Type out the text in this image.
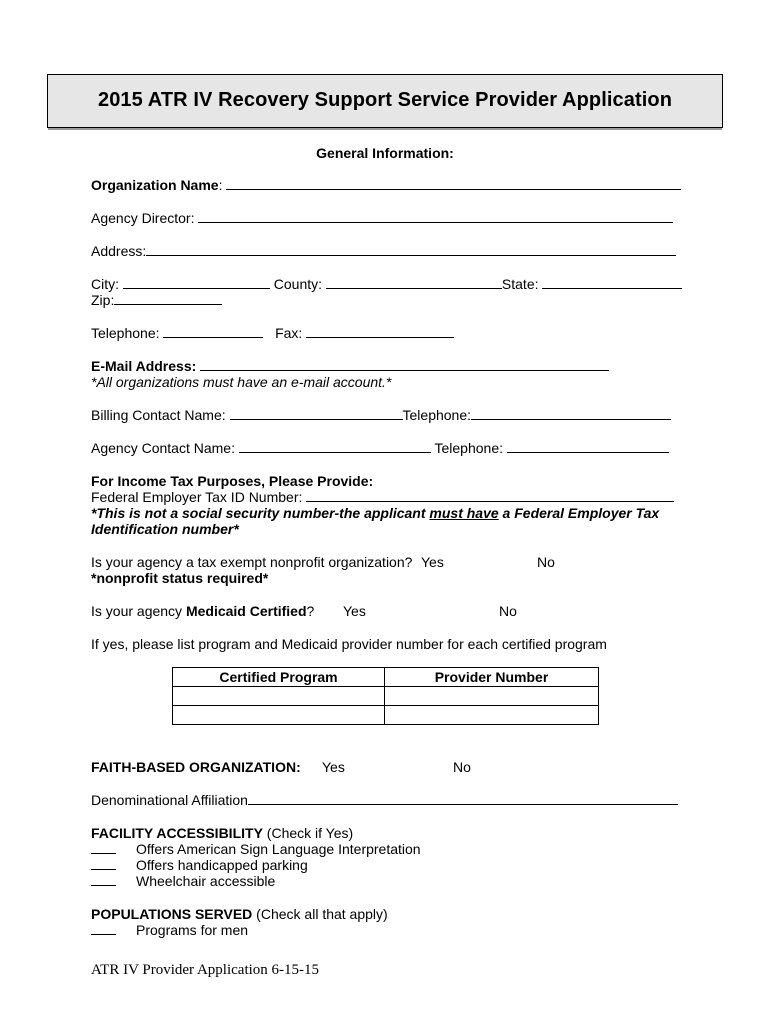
2015 ATR IV Recovery Support Service Provider Application
General Information:
Organization Name:
Agency Director:
Address:
City:	County:	State:
Zip:
Telephone:	Fax:
E-Mail Address:
*All organizations must have an e-mail account.*
Billing Contact Name:	Telephone:
Agency Contact Name:	Telephone:
For Income Tax Purposes, Please Provide:
Federal Employer Tax ID Number:
*This is not a social security number-the applicant must have a Federal Employer Tax
Identification number*
Is your agency a tax exempt nonprofit organization? Yes	No
*nonprofit status required*
Is your agency Medicaid Certified? Yes	No
If yes, please list program and Medicaid provider number for each certified program
Certified Program	Provider Number

FAITH-BASED ORGANIZATION: Yes	No
Denominational Affiliation
FACILITY ACCESSIBILITY (Check if Yes)
Offers American Sign Language Interpretation
Offers handicapped parking
Wheelchair accessible
POPULATIONS SERVED (Check all that apply)
Programs for men
ATR IV Provider Application 6-15-15
